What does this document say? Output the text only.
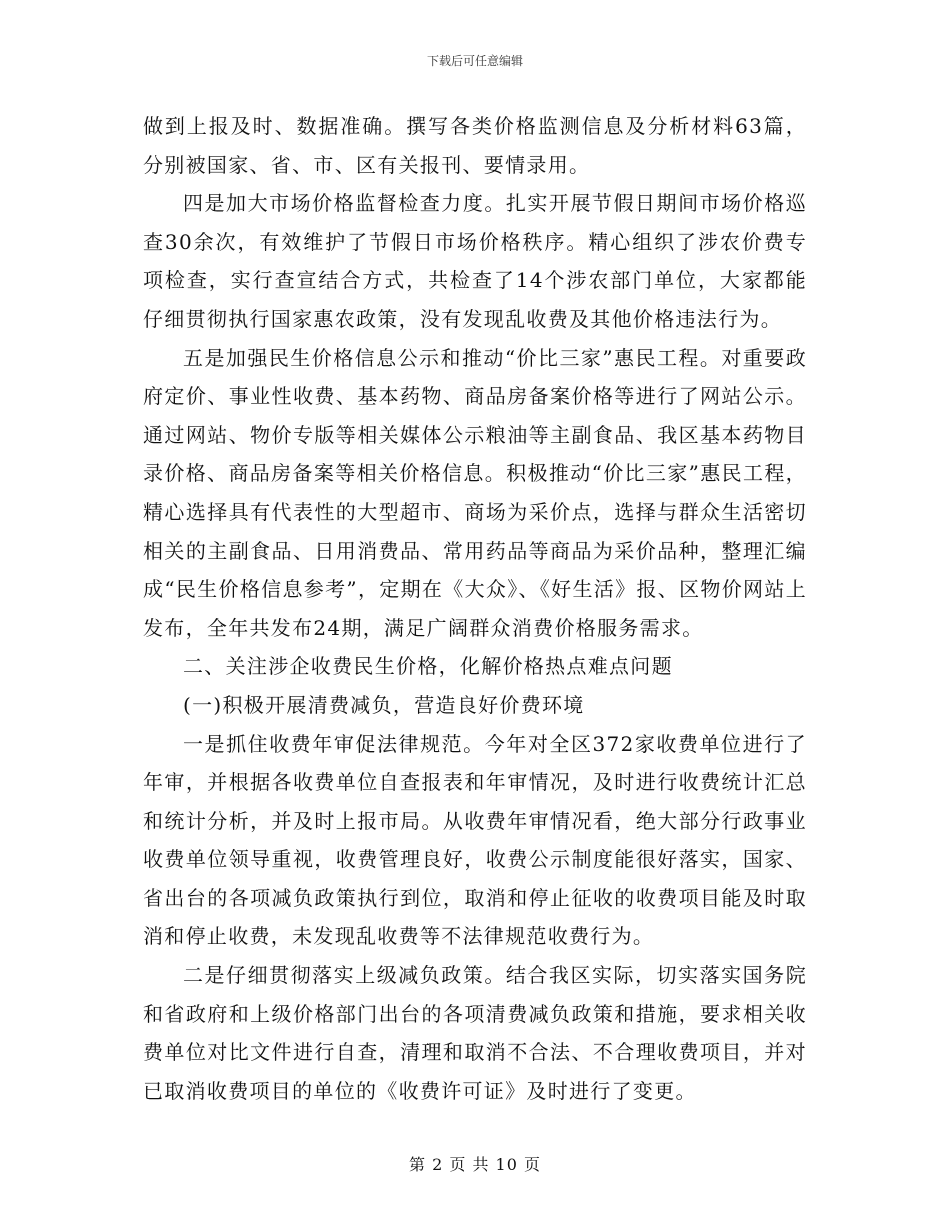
下载后可任意编辑

做到上报及时、数据准确。撰写各类价格监测信息及分析材料63篇，分别被国家、省、市、区有关报刊、要情录用。

四是加大市场价格监督检查力度。扎实开展节假日期间市场价格巡查30余次，有效维护了节假日市场价格秩序。精心组织了涉农价费专项检查，实行查宣结合方式，共检查了14个涉农部门单位，大家都能仔细贯彻执行国家惠农政策，没有发现乱收费及其他价格违法行为。

五是加强民生价格信息公示和推动“价比三家”惠民工程。对重要政府定价、事业性收费、基本药物、商品房备案价格等进行了网站公示。通过网站、物价专版等相关媒体公示粮油等主副食品、我区基本药物目录价格、商品房备案等相关价格信息。积极推动“价比三家”惠民工程，精心选择具有代表性的大型超市、商场为采价点，选择与群众生活密切相关的主副食品、日用消费品、常用药品等商品为采价品种，整理汇编成“民生价格信息参考”，定期在《大众》、《好生活》报、区物价网站上发布，全年共发布24期，满足广阔群众消费价格服务需求。

二、关注涉企收费民生价格，化解价格热点难点问题

(一)积极开展清费减负，营造良好价费环境

一是抓住收费年审促法律规范。今年对全区372家收费单位进行了年审，并根据各收费单位自查报表和年审情况，及时进行收费统计汇总和统计分析，并及时上报市局。从收费年审情况看，绝大部分行政事业收费单位领导重视，收费管理良好，收费公示制度能很好落实，国家、省出台的各项减负政策执行到位，取消和停止征收的收费项目能及时取消和停止收费，未发现乱收费等不法律规范收费行为。

二是仔细贯彻落实上级减负政策。结合我区实际，切实落实国务院和省政府和上级价格部门出台的各项清费减负政策和措施，要求相关收费单位对比文件进行自查，清理和取消不合法、不合理收费项目，并对已取消收费项目的单位的《收费许可证》及时进行了变更。

第 2 页 共 10 页
